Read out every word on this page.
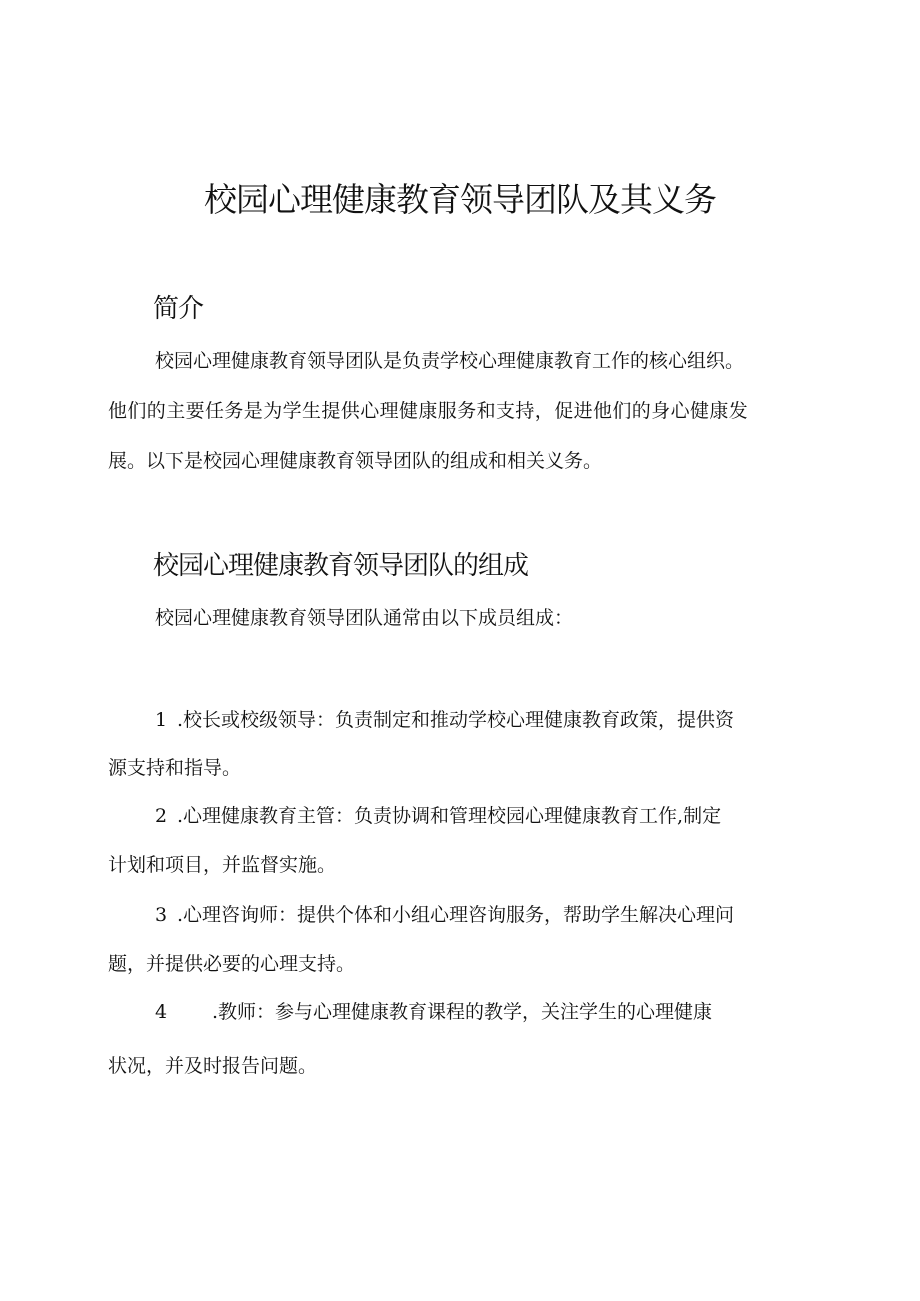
校园心理健康教育领导团队及其义务
简介

校园心理健康教育领导团队是负责学校心理健康教育工作的核心组织。

他们的主要任务是为学生提供心理健康服务和支持，促进他们的身心健康发

展。以下是校园心理健康教育领导团队的组成和相关义务。

校园心理健康教育领导团队的组成

校园心理健康教育领导团队通常由以下成员组成：

1 .校长或校级领导：负责制定和推动学校心理健康教育政策，提供资

源支持和指导。

2 .心理健康教育主管：负责协调和管理校园心理健康教育工作,制定

计划和项目，并监督实施。

3 .心理咨询师：提供个体和小组心理咨询服务，帮助学生解决心理问

题，并提供必要的心理支持。

4 .教师：参与心理健康教育课程的教学，关注学生的心理健康

状况，并及时报告问题。
